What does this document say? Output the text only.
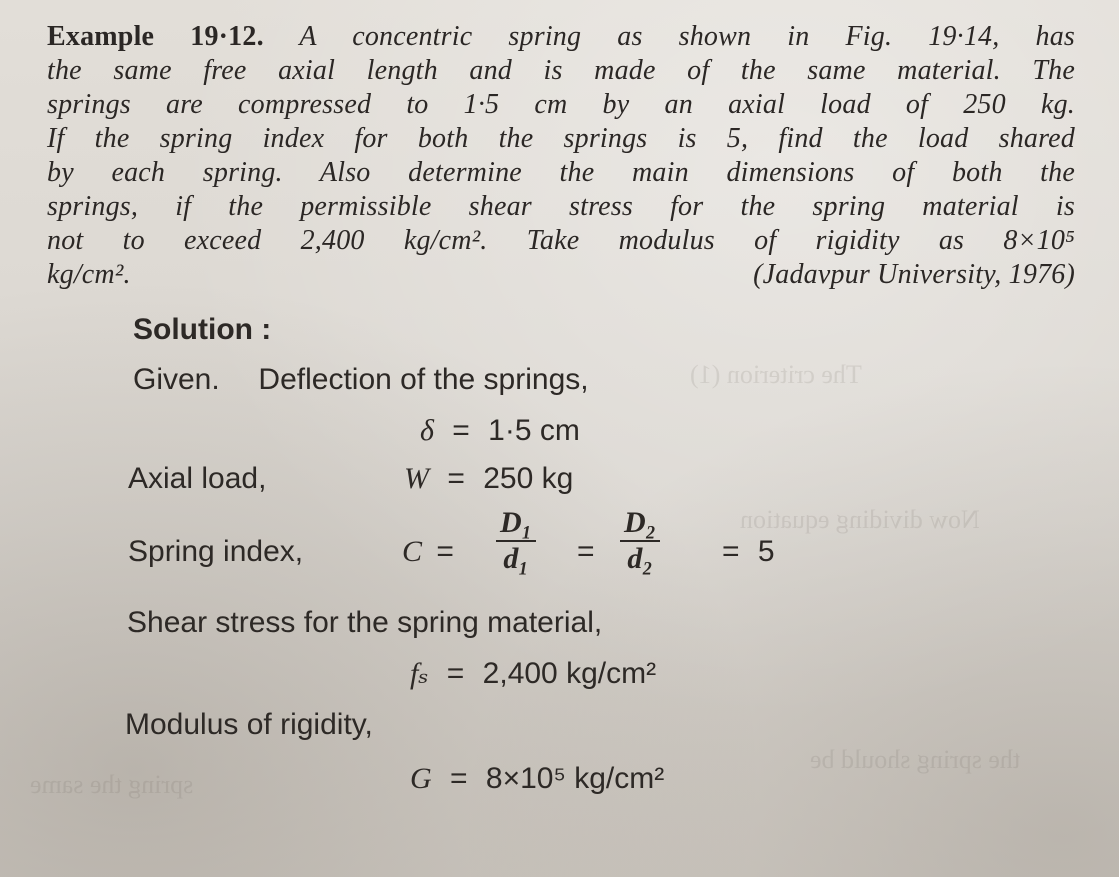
The criterion (1)
Now dividing equation
the spring should be
spring the same
Example 19·12. A concentric spring as shown in Fig. 19·14, has
the same free axial length and is made of the same material. The
springs are compressed to 1·5 cm by an axial load of 250 kg.
If the spring index for both the springs is 5, find the load shared
by each spring. Also determine the main dimensions of both the
springs, if the permissible shear stress for the spring material is
not to exceed 2,400 kg/cm². Take modulus of rigidity as 8×10⁵
kg/cm².	(Jadavpur University, 1976)
Solution :
Given. Deflection of the springs,
δ = 1·5 cm
Axial load,	W = 250 kg
Spring index,	C =
D₁
d₁ =
D₂
d₂ = 5
Shear stress for the spring material,
fₛ = 2,400 kg/cm²
Modulus of rigidity,
G = 8×10⁵ kg/cm²
